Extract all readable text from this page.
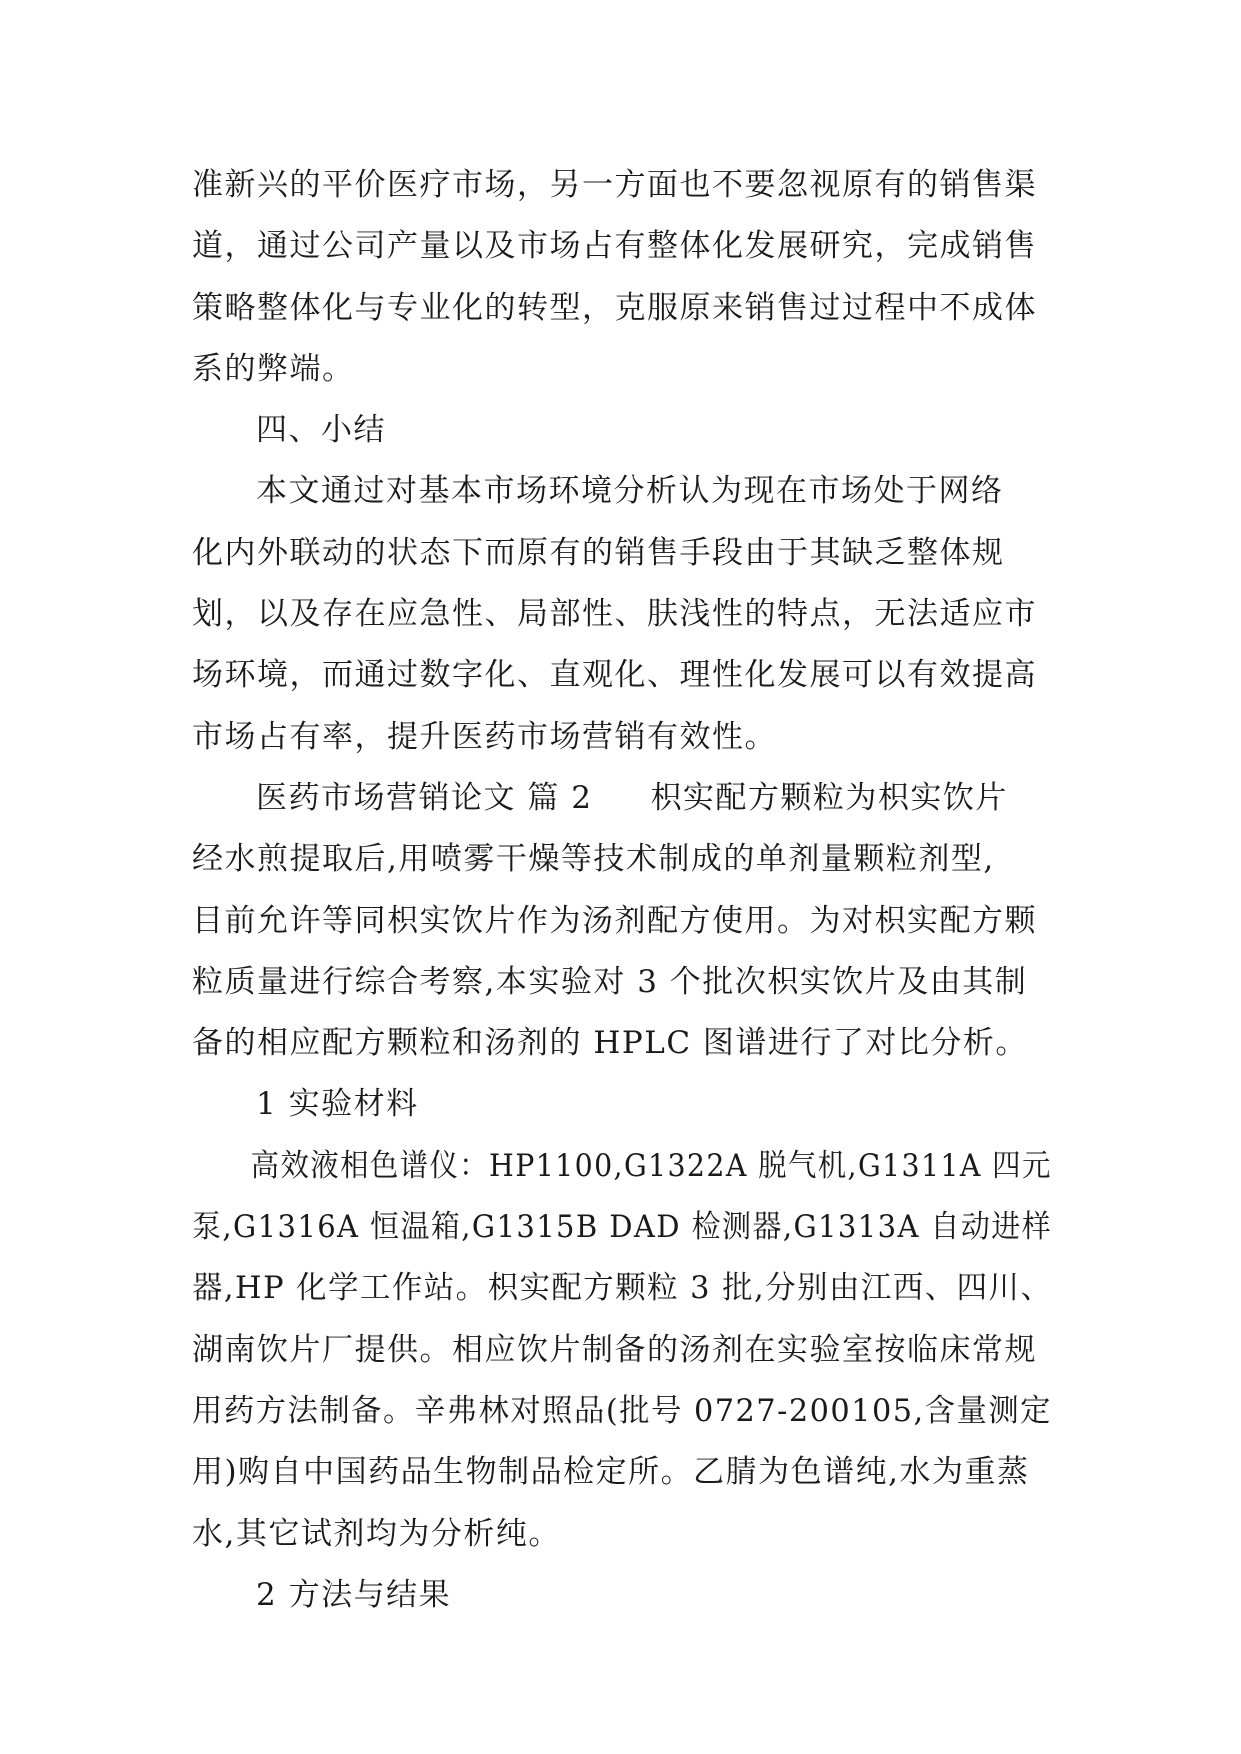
准新兴的平价医疗市场，另一方面也不要忽视原有的销售渠
道，通过公司产量以及市场占有整体化发展研究，完成销售
策略整体化与专业化的转型，克服原来销售过过程中不成体
系的弊端。
四、小结
本文通过对基本市场环境分析认为现在市场处于网络
化内外联动的状态下而原有的销售手段由于其缺乏整体规
划，以及存在应急性、局部性、肤浅性的特点，无法适应市
场环境，而通过数字化、直观化、理性化发展可以有效提高
市场占有率，提升医药市场营销有效性。
医药市场营销论文 篇 2 枳实配方颗粒为枳实饮片
经水煎提取后,用喷雾干燥等技术制成的单剂量颗粒剂型,
目前允许等同枳实饮片作为汤剂配方使用。为对枳实配方颗
粒质量进行综合考察,本实验对 3 个批次枳实饮片及由其制
备的相应配方颗粒和汤剂的 HPLC 图谱进行了对比分析。
1 实验材料
高效液相色谱仪：HP1100,G1322A 脱气机,G1311A 四元
泵,G1316A 恒温箱,G1315B DAD 检测器,G1313A 自动进样
器,HP 化学工作站。枳实配方颗粒 3 批,分别由江西、四川、
湖南饮片厂提供。相应饮片制备的汤剂在实验室按临床常规
用药方法制备。辛弗林对照品(批号 0727-200105,含量测定
用)购自中国药品生物制品检定所。乙腈为色谱纯,水为重蒸
水,其它试剂均为分析纯。
2 方法与结果
